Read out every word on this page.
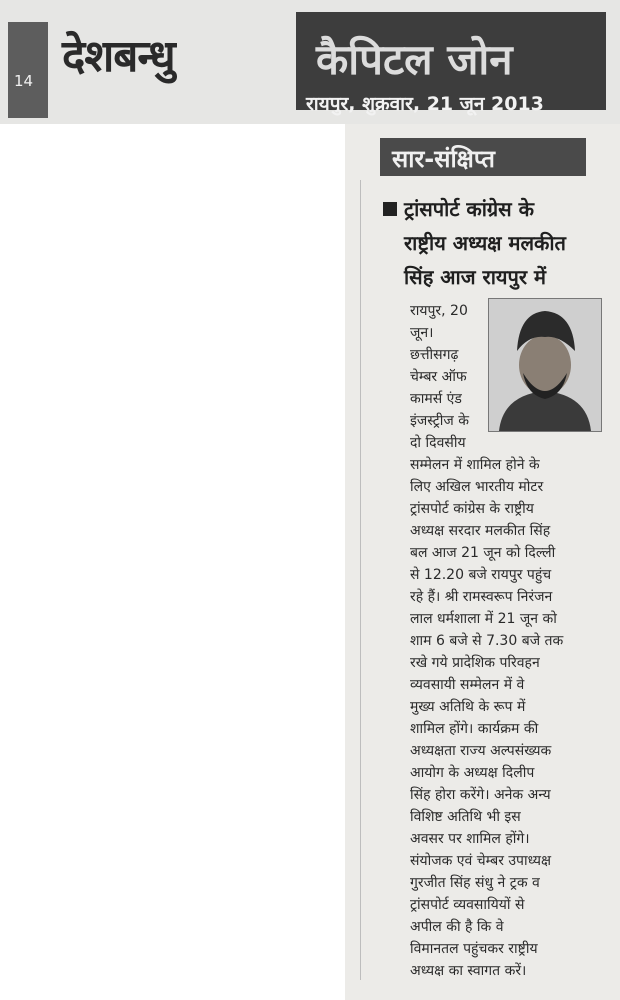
14 देशबन्धु	कैपिटल जोन
रायपुर, शुक्रवार, 21 जून 2013
सार-संक्षिप्त
ट्रांसपोर्ट कांग्रेस के
राष्ट्रीय अध्यक्ष मलकीत
सिंह आज रायपुर में
रायपुर, 20
जून।
छत्तीसगढ़
चेम्बर ऑफ
कामर्स एंड
इंजस्ट्रीज के
दो दिवसीय
सम्मेलन में शामिल होने के
लिए अखिल भारतीय मोटर
ट्रांसपोर्ट कांग्रेस के राष्ट्रीय
अध्यक्ष सरदार मलकीत सिंह
बल आज 21 जून को दिल्ली
से 12.20 बजे रायपुर पहुंच
रहे हैं। श्री रामस्वरूप निरंजन
लाल धर्मशाला में 21 जून को
शाम 6 बजे से 7.30 बजे तक
रखे गये प्रादेशिक परिवहन
व्यवसायी सम्मेलन में वे
मुख्य अतिथि के रूप में
शामिल होंगे। कार्यक्रम की
अध्यक्षता राज्य अल्पसंख्यक
आयोग के अध्यक्ष दिलीप
सिंह होरा करेंगे। अनेक अन्य
विशिष्ट अतिथि भी इस
अवसर पर शामिल होंगे।
संयोजक एवं चेम्बर उपाध्यक्ष
गुरजीत सिंह संधु ने ट्रक व
ट्रांसपोर्ट व्यवसायियों से
अपील की है कि वे
विमानतल पहुंचकर राष्ट्रीय
अध्यक्ष का स्वागत करें।
